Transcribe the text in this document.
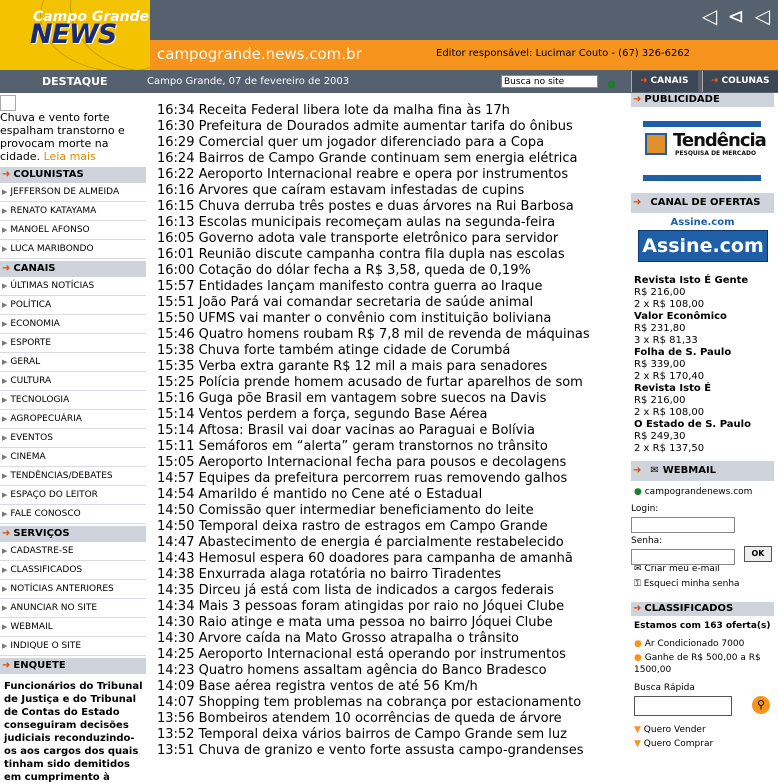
Campo Grande
NEWS
campogrande.news.com.br	Editor responsável: Lucimar Couto - (67) 326-6262
◁ ⊲ ◁
DESTAQUE	Campo Grande, 07 de fevereiro de 2003
Busca no site	●	➜ CANAIS	➜ COLUNAS

Chuva e vento forte espalham transtorno e provocam morte na cidade. Leia mais

➜ COLUNISTAS
▶ JEFFERSON DE ALMEIDA
▶ RENATO KATAYAMA
▶ MANOEL AFONSO
▶ LUCA MARIBONDO
➜ CANAIS
▶ ÚLTIMAS NOTÍCIAS
▶ POLÍTICA
▶ ECONOMIA
▶ ESPORTE
▶ GERAL
▶ CULTURA
▶ TECNOLOGIA
▶ AGROPECUÁRIA
▶ EVENTOS
▶ CINEMA
▶ TENDÊNCIAS/DEBATES
▶ ESPAÇO DO LEITOR
▶ FALE CONOSCO
➜ SERVIÇOS
▶ CADASTRE-SE
▶ CLASSIFICADOS
▶ NOTÍCIAS ANTERIORES
▶ ANUNCIAR NO SITE
▶ WEBMAIL
▶ INDIQUE O SITE
➜ ENQUETE
Funcionários do Tribunal de Justiça e do Tribunal de Contas do Estado conseguiram decisões judiciais reconduzindo-os aos cargos dos quais tinham sido demitidos em cumprimento à
16:34 Receita Federal libera lote da malha fina às 17h
16:30 Prefeitura de Dourados admite aumentar tarifa do ônibus
16:29 Comercial quer um jogador diferenciado para a Copa
16:24 Bairros de Campo Grande continuam sem energia elétrica
16:22 Aeroporto Internacional reabre e opera por instrumentos
16:16 Árvores que caíram estavam infestadas de cupins
16:15 Chuva derruba três postes e duas árvores na Rui Barbosa
16:13 Escolas municipais recomeçam aulas na segunda-feira
16:05 Governo adota vale transporte eletrônico para servidor
16:01 Reunião discute campanha contra fila dupla nas escolas
16:00 Cotação do dólar fecha a R$ 3,58, queda de 0,19%
15:57 Entidades lançam manifesto contra guerra ao Iraque
15:51 João Pará vai comandar secretaria de saúde animal
15:50 UFMS vai manter o convênio com instituição boliviana
15:46 Quatro homens roubam R$ 7,8 mil de revenda de máquinas
15:38 Chuva forte também atinge cidade de Corumbá
15:35 Verba extra garante R$ 12 mil a mais para senadores
15:25 Polícia prende homem acusado de furtar aparelhos de som
15:16 Guga põe Brasil em vantagem sobre suecos na Davis
15:14 Ventos perdem a força, segundo Base Aérea
15:14 Aftosa: Brasil vai doar vacinas ao Paraguai e Bolívia
15:11 Semáforos em “alerta” geram transtornos no trânsito
15:05 Aeroporto Internacional fecha para pousos e decolagens
14:57 Equipes da prefeitura percorrem ruas removendo galhos
14:54 Amarildo é mantido no Cene até o Estadual
14:50 Comissão quer intermediar beneficiamento do leite
14:50 Temporal deixa rastro de estragos em Campo Grande
14:47 Abastecimento de energia é parcialmente restabelecido
14:43 Hemosul espera 60 doadores para campanha de amanhã
14:38 Enxurrada alaga rotatória no bairro Tiradentes
14:35 Dirceu já está com lista de indicados a cargos federais
14:34 Mais 3 pessoas foram atingidas por raio no Jóquei Clube
14:30 Raio atinge e mata uma pessoa no bairro Jóquei Clube
14:30 Árvore caída na Mato Grosso atrapalha o trânsito
14:25 Aeroporto Internacional está operando por instrumentos
14:23 Quatro homens assaltam agência do Banco Bradesco
14:09 Base aérea registra ventos de até 56 Km/h
14:07 Shopping tem problemas na cobrança por estacionamento
13:56 Bombeiros atendem 10 ocorrências de queda de árvore
13:52 Temporal deixa vários bairros de Campo Grande sem luz
13:51 Chuva de granizo e vento forte assusta campo-grandenses
➜ PUBLICIDADE
Tendência
PESQUISA DE MERCADO
➜ CANAL DE OFERTAS
Assine.com
Assine.com
Revista Isto É Gente
R$ 216,00
2 x R$ 108,00
Valor Econômico
R$ 231,80
3 x R$ 81,33
Folha de S. Paulo
R$ 339,00
2 x R$ 170,40
Revista Isto É
R$ 216,00
2 x R$ 108,00
O Estado de S. Paulo
R$ 249,30
2 x R$ 137,50
➜ ✉ WEBMAIL
● campograndenews.com
Login:
Senha:
OK
✉ Criar meu e-mail
⚿ Esqueci minha senha
➜ CLASSIFICADOS
Estamos com 163 oferta(s)
● Ar Condicionado 7000
● Ganhe de R$ 500,00 a R$ 1500,00
Busca Rápida
⚲
▼ Quero Vender
▼ Quero Comprar
